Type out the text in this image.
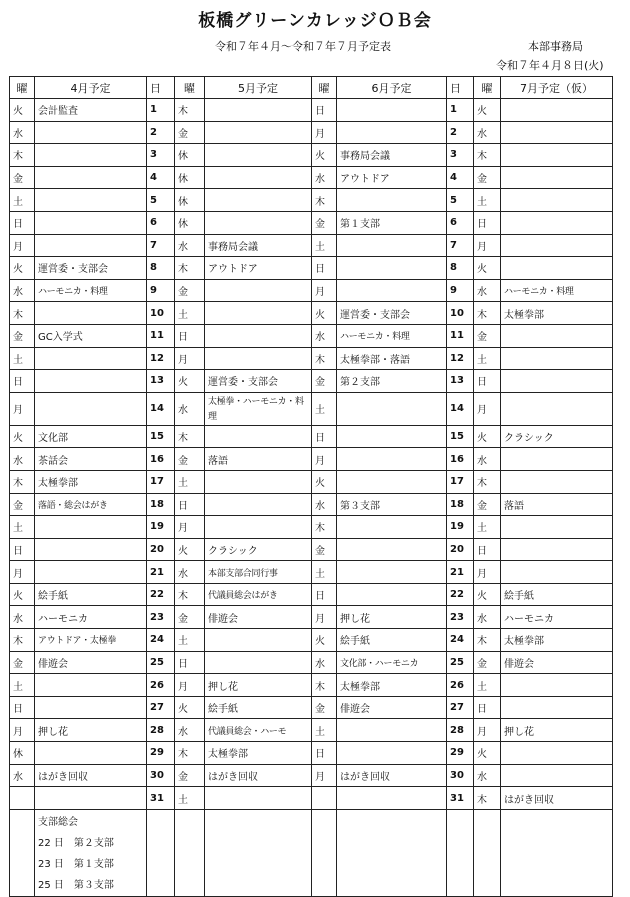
板橋グリーンカレッジＯＢ会
令和７年４月～令和７年７月予定表	本部事務局
令和７年４月８日(火)
曜	4月予定	日	曜	5月予定	曜	6月予定	日	曜	7月予定（仮）
火	会計監査	1	木		日		1	火	
水		2	金		月		2	水	
木		3	休		火	事務局会議	3	木	
金		4	休		水	アウトドア	4	金	
土		5	休		木		5	土	
日		6	休		金	第１支部	6	日	
月		7	水	事務局会議	土		7	月	
火	運営委・支部会	8	木	アウトドア	日		8	火	
水	ハーモニカ・料理	9	金		月		9	水	ハーモニカ・料理
木		10	土		火	運営委・支部会	10	木	太極拳部
金	GC入学式	11	日		水	ハーモニカ・料理	11	金	
土		12	月		木	太極拳部・落語	12	土	
日		13	火	運営委・支部会	金	第２支部	13	日	
月		14	水	太極拳・ハーモニカ・料理	土		14	月	
火	文化部	15	木		日		15	火	クラシック
水	茶話会	16	金	落語	月		16	水	
木	太極拳部	17	土		火		17	木	
金	落語・総会はがき	18	日		水	第３支部	18	金	落語
土		19	月		木		19	土	
日		20	火	クラシック	金		20	日	
月		21	水	本部支部合同行事	土		21	月	
火	絵手紙	22	木	代議員総会はがき	日		22	火	絵手紙
水	ハーモニカ	23	金	俳遊会	月	押し花	23	水	ハーモニカ
木	アウトドア・太極拳	24	土		火	絵手紙	24	木	太極拳部
金	俳遊会	25	日		水	文化部・ハーモニカ	25	金	俳遊会
土		26	月	押し花	木	太極拳部	26	土	
日		27	火	絵手紙	金	俳遊会	27	日	
月	押し花	28	水	代議員総会・ハーモ	土		28	月	押し花
休		29	木	太極拳部	日		29	火	
水	はがき回収	30	金	はがき回収	月	はがき回収	30	水	
		31	土				31	木	はがき回収

	支部総会
22 日　第２支部
23 日　第１支部
25 日　第３支部								
